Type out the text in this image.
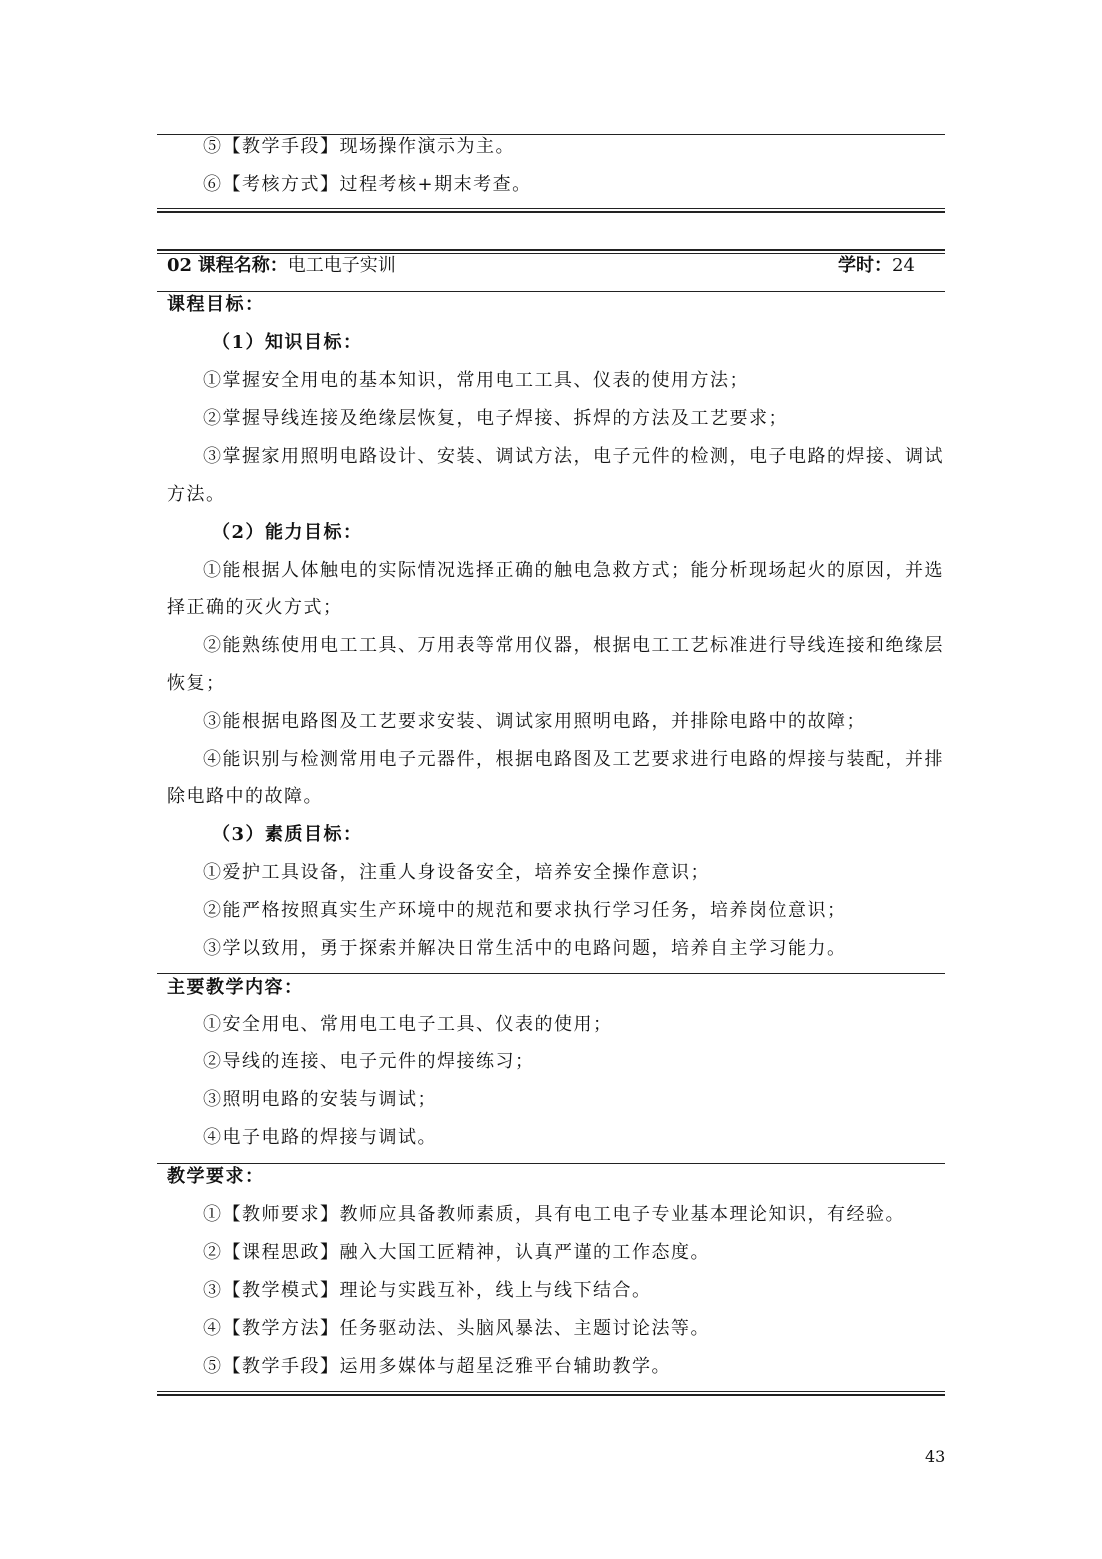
⑤【教学手段】现场操作演示为主。
⑥【考核方式】过程考核+期末考查。
02 课程名称：电工电子实训	学时：24
课程目标：
（1）知识目标：
①掌握安全用电的基本知识，常用电工工具、仪表的使用方法；
②掌握导线连接及绝缘层恢复，电子焊接、拆焊的方法及工艺要求；
③掌握家用照明电路设计、安装、调试方法，电子元件的检测，电子电路的焊接、调试
方法。
（2）能力目标：
①能根据人体触电的实际情况选择正确的触电急救方式；能分析现场起火的原因，并选
择正确的灭火方式；
②能熟练使用电工工具、万用表等常用仪器，根据电工工艺标准进行导线连接和绝缘层
恢复；
③能根据电路图及工艺要求安装、调试家用照明电路，并排除电路中的故障；
④能识别与检测常用电子元器件，根据电路图及工艺要求进行电路的焊接与装配，并排
除电路中的故障。
（3）素质目标：
①爱护工具设备，注重人身设备安全，培养安全操作意识；
②能严格按照真实生产环境中的规范和要求执行学习任务，培养岗位意识；
③学以致用，勇于探索并解决日常生活中的电路问题，培养自主学习能力。
主要教学内容：
①安全用电、常用电工电子工具、仪表的使用；
②导线的连接、电子元件的焊接练习；
③照明电路的安装与调试；
④电子电路的焊接与调试。
教学要求：
①【教师要求】教师应具备教师素质，具有电工电子专业基本理论知识，有经验。
②【课程思政】融入大国工匠精神，认真严谨的工作态度。
③【教学模式】理论与实践互补，线上与线下结合。
④【教学方法】任务驱动法、头脑风暴法、主题讨论法等。
⑤【教学手段】运用多媒体与超星泛雅平台辅助教学。
43
